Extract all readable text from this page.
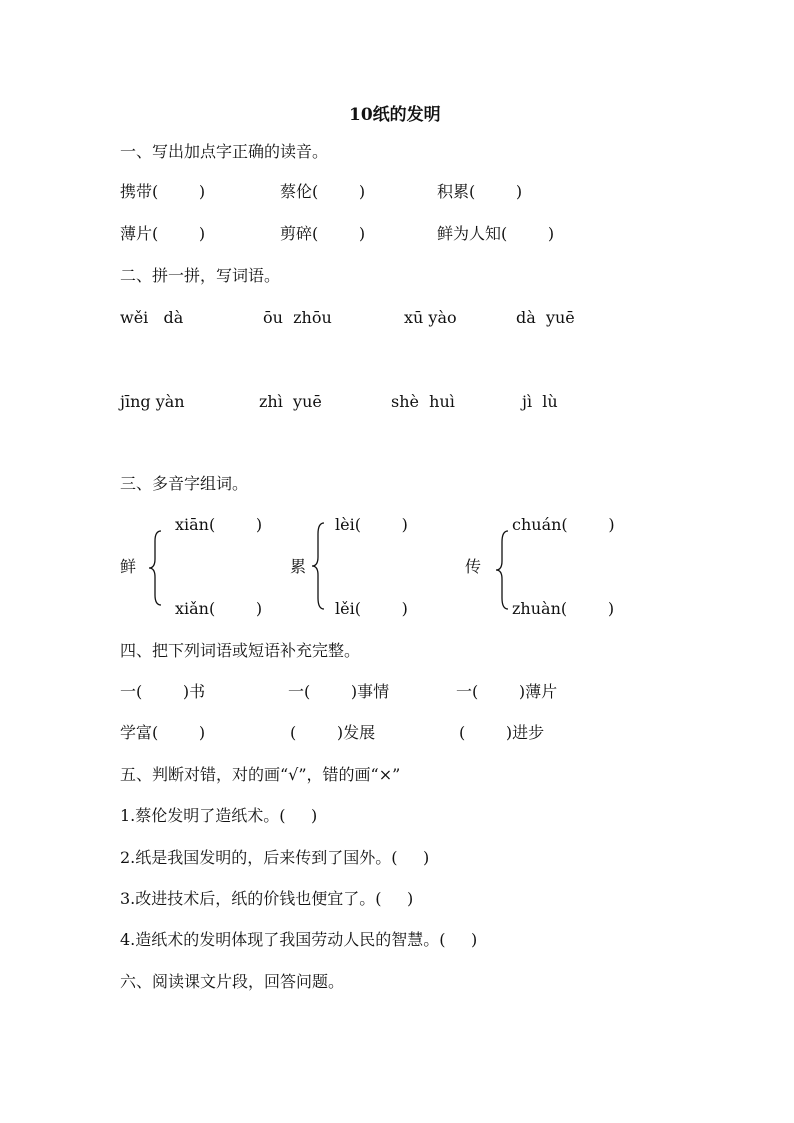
10纸的发明
一、写出加点字正确的读音。
携带(        )	蔡伦(        )	积累(        )
薄片(        )	剪碎(        )	鲜为人知(        )
二、拼一拼，写词语。
wěi   dà	ōu  zhōu	xū yào	dà  yuē
jīng yàn	zhì  yuē	shè  huì	jì  lù
三、多音字组词。
鲜
xiān(        )
xiǎn(        )
累
lèi(        )
lěi(        )
传
chuán(        )
zhuàn(        )
四、把下列词语或短语补充完整。
一(        )书	一(        )事情	一(        )薄片
学富(        )	(        )发展	(        )进步
五、判断对错，对的画“√”，错的画“×”
1.蔡伦发明了造纸术。(     )
2.纸是我国发明的，后来传到了国外。(     )
3.改进技术后，纸的价钱也便宜了。(     )
4.造纸术的发明体现了我国劳动人民的智慧。(     )
六、阅读课文片段，回答问题。
